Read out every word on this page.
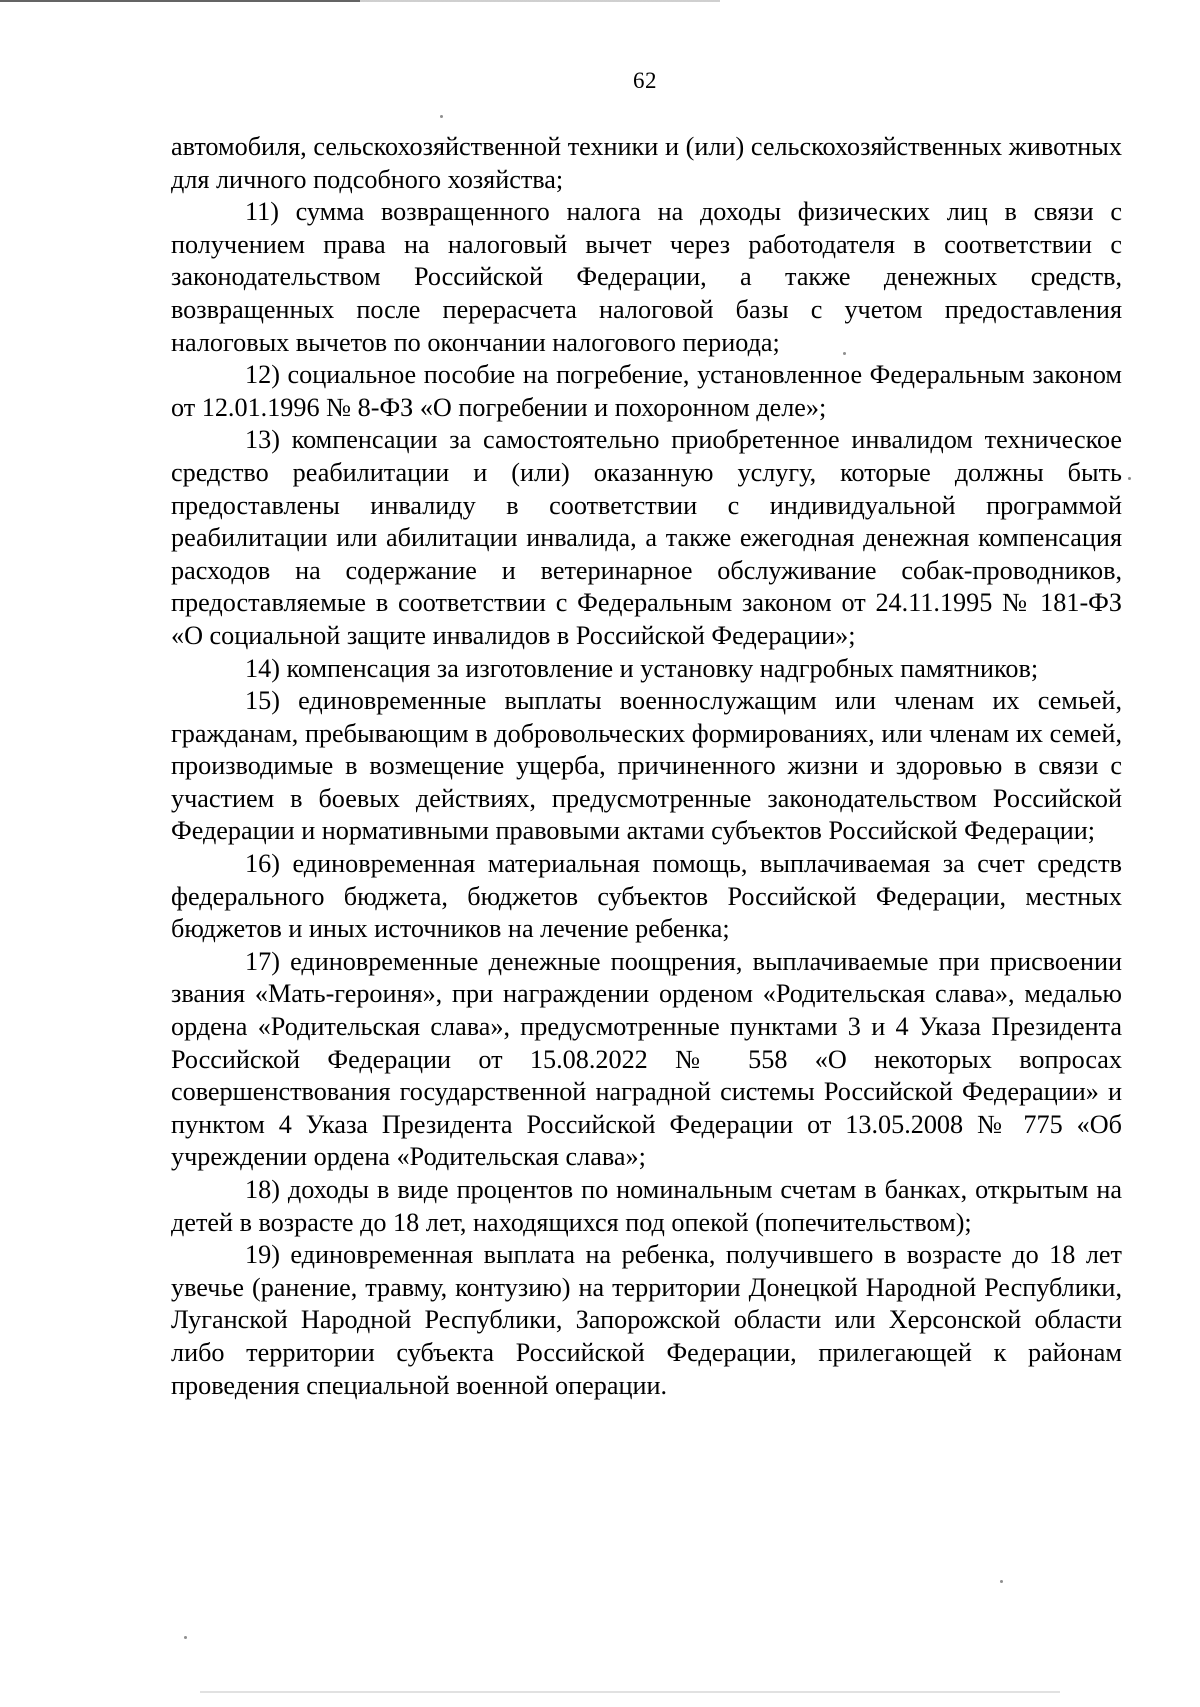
62

автомобиля, сельскохозяйственной техники и (или) сельскохозяйственных животных для личного подсобного хозяйства;

11) сумма возвращенного налога на доходы физических лиц в связи с получением права на налоговый вычет через работодателя в соответствии с законодательством Российской Федерации, а также денежных средств, возвращенных после перерасчета налоговой базы с учетом предоставления налоговых вычетов по окончании налогового периода;

12) социальное пособие на погребение, установленное Федеральным законом от 12.01.1996 № 8-ФЗ «О погребении и похоронном деле»;

13) компенсации за самостоятельно приобретенное инвалидом техническое средство реабилитации и (или) оказанную услугу, которые должны быть предоставлены инвалиду в соответствии с индивидуальной программой реабилитации или абилитации инвалида, а также ежегодная денежная компенсация расходов на содержание и ветеринарное обслуживание собак-проводников, предоставляемые в соответствии с Федеральным законом от 24.11.1995 № 181-ФЗ «О социальной защите инвалидов в Российской Федерации»;

14) компенсация за изготовление и установку надгробных памятников;

15) единовременные выплаты военнослужащим или членам их семьей, гражданам, пребывающим в добровольческих формированиях, или членам их семей, производимые в возмещение ущерба, причиненного жизни и здоровью в связи с участием в боевых действиях, предусмотренные законодательством Российской Федерации и нормативными правовыми актами субъектов Российской Федерации;

16) единовременная материальная помощь, выплачиваемая за счет средств федерального бюджета, бюджетов субъектов Российской Федерации, местных бюджетов и иных источников на лечение ребенка;

17) единовременные денежные поощрения, выплачиваемые при присвоении звания «Мать-героиня», при награждении орденом «Родительская слава», медалью ордена «Родительская слава», предусмотренные пунктами 3 и 4 Указа Президента Российской Федерации от 15.08.2022 № 558 «О некоторых вопросах совершенствования государственной наградной системы Российской Федерации» и пунктом 4 Указа Президента Российской Федерации от 13.05.2008 № 775 «Об учреждении ордена «Родительская слава»;

18) доходы в виде процентов по номинальным счетам в банках, открытым на детей в возрасте до 18 лет, находящихся под опекой (попечительством);

19) единовременная выплата на ребенка, получившего в возрасте до 18 лет увечье (ранение, травму, контузию) на территории Донецкой Народной Республики, Луганской Народной Республики, Запорожской области или Херсонской области либо территории субъекта Российской Федерации, прилегающей к районам проведения специальной военной операции.
